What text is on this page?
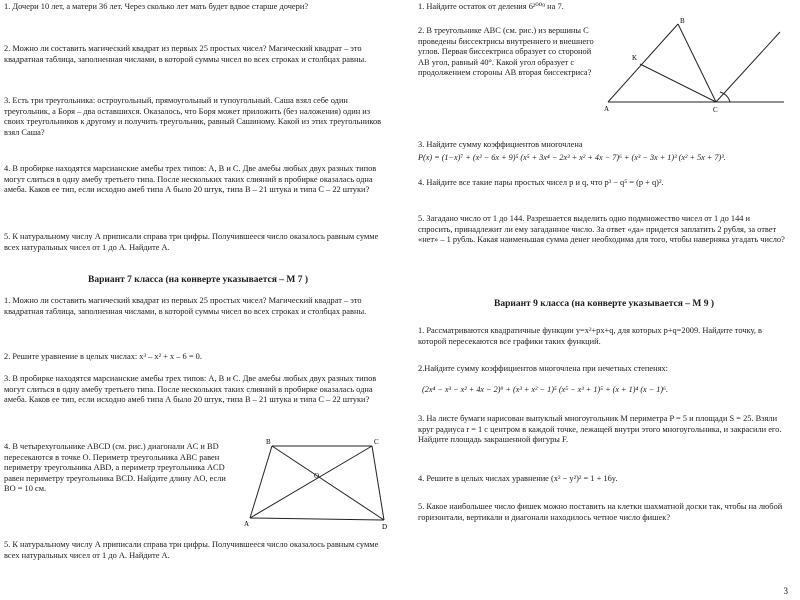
1. Дочери 10 лет, а матери 36 лет. Через сколько лет мать будет вдвое старше дочери?

2. Можно ли составить магический квадрат из первых 25 простых чисел? Магический квадрат – это квадратная таблица, заполненная числами, в которой суммы чисел во всех строках и столбцах равны.

3. Есть три треугольника: остроугольный, прямоугольный и тупоугольный. Саша взял себе один треугольник, а Боря – два оставшихся. Оказалось, что Боря может приложить (без наложения) один из своих треугольников к другому и получить треугольник, равный Сашиному. Какой из этих треугольников взял Саша?

4. В пробирке находятся марсианские амебы трех типов: А, В и С. Две амебы любых двух разных типов могут слиться в одну амебу третьего типа. После нескольких таких слияний в пробирке оказалась одна амеба. Каков ее тип, если исходно амеб типа А было 20 штук, типа В – 21 штука и типа С – 22 штуки?

5. К натуральному числу А приписали справа три цифры. Получившееся число оказалось равным сумме всех натуральных чисел от 1 до А. Найдите А.

Вариант 7 класса (на конверте указывается – М 7 )

1. Можно ли составить магический квадрат из первых 25 простых чисел? Магический квадрат – это квадратная таблица, заполненная числами, в которой суммы чисел во всех строках и столбцах равны.

2. Решите уравнение в целых числах: x³ – x² + x – 6 = 0.

3. В пробирке находятся марсианские амебы трех типов: А, В и С. Две амебы любых двух разных типов могут слиться в одну амебу третьего типа. После нескольких таких слияний в пробирке оказалась одна амеба. Каков ее тип, если исходно амеб типа А было 20 штук, типа В – 21 штука и типа С – 22 штуки?

4. В четырехугольнике ABCD (см. рис.) диагонали AC и BD пересекаются в точке O. Периметр треугольника ABC равен периметру треугольника ABD, а периметр треугольника ACD равен периметру треугольника BCD. Найдите длину AO, если BO = 10 см.

5. К натуральному числу А приписали справа три цифры. Получившееся число оказалось равным сумме всех натуральных чисел от 1 до А. Найдите А.

A
B	C
D
O

1. Найдите остаток от деления 6²⁰⁰⁹ на 7.

2. В треугольнике ABC (см. рис.) из вершины C проведены биссектрисы внутреннего и внешнего углов. Первая биссектриса образует со стороной AB угол, равный 40°. Какой угол образует с продолжением стороны AB вторая биссектриса?

A
B
C
K

3. Найдите сумму коэффициентов многочлена

P(x) = (1−x)⁷ + (x² − 6x + 9)⁵ (x⁵ + 3x⁴ − 2x³ + x² + 4x − 7)⁶ + (x³ − 3x + 1)³ (x² + 5x + 7)³.

4. Найдите все такие пары простых чисел p и q, что p³ − q⁵ = (p + q)².

5. Загадано число от 1 до 144. Разрешается выделить одно подмножество чисел от 1 до 144 и спросить, принадлежит ли ему загаданное число. За ответ «да» придется заплатить 2 рубля, за ответ «нет» – 1 рубль. Какая наименьшая сумма денег необходима для того, чтобы наверняка угадать число?

Вариант 9 класса (на конверте указывается – М 9 )

1. Рассматриваются квадратичные функции y=x²+px+q, для которых p+q=2009. Найдите точку, в которой пересекаются все графики таких функций.

2.Найдите сумму коэффициентов многочлена при нечетных степенях:

(2x⁴ − x³ − x² + 4x − 2)⁹ + (x³ + x² − 1)⁵ (x⁵ − x³ + 1)⁵ + (x + 1)⁴ (x − 1)⁶.

3. На листе бумаги нарисован выпуклый многоугольник M периметра P = 5 и площади S = 25. Взяли круг радиуса r = 1 с центром в каждой точке, лежащей внутри этого многоугольника, и закрасили его. Найдите площадь закрашенной фигуры F.

4. Решите в целых числах уравнение (x² − y²)² = 1 + 16y.

5. Какое наибольшее число фишек можно поставить на клетки шахматной доски так, чтобы на любой горизонтали, вертикали и диагонали находилось четное число фишек?

3
